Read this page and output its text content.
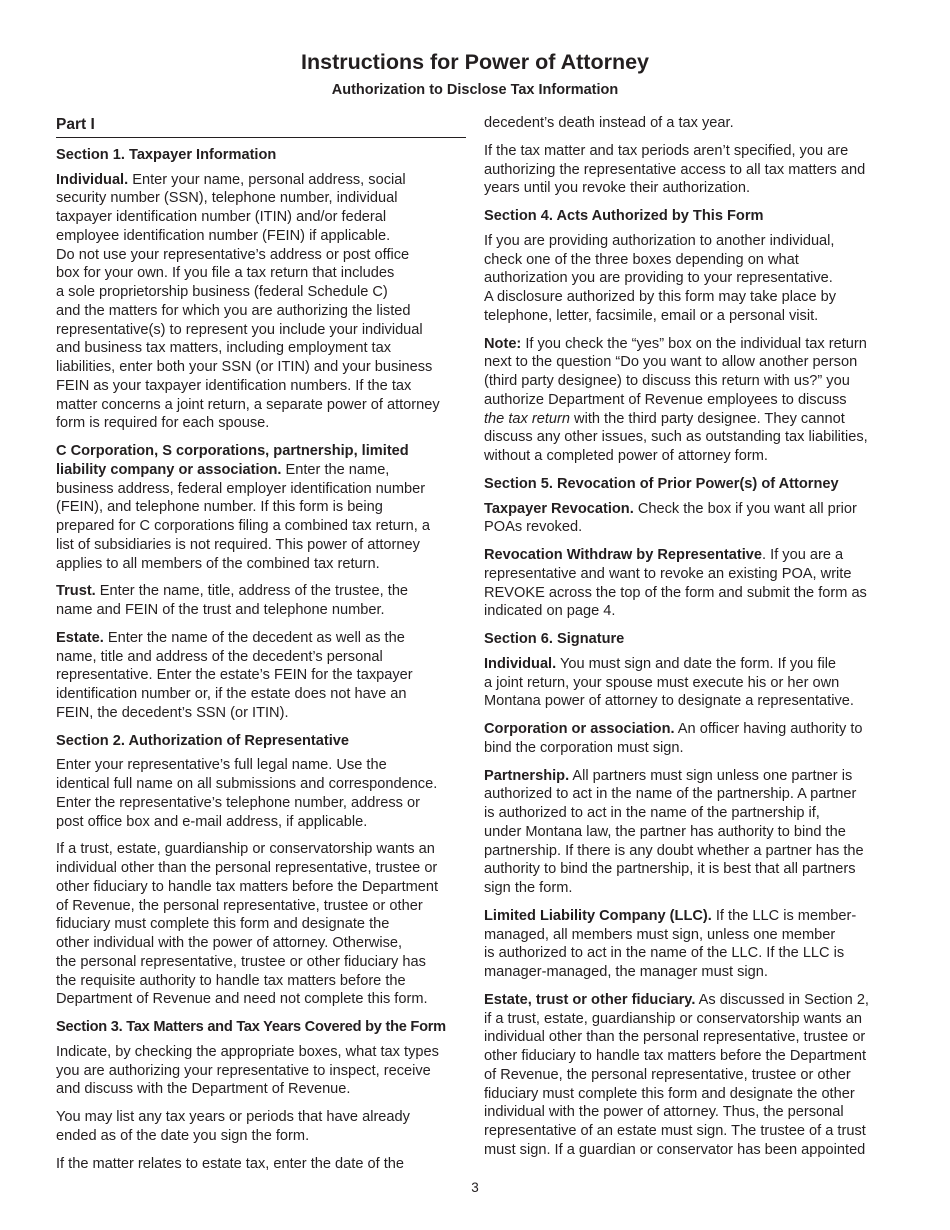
Instructions for Power of Attorney
Authorization to Disclose Tax Information
Part I
Section 1. Taxpayer Information

Individual. Enter your name, personal address, social
security number (SSN), telephone number, individual
taxpayer identification number (ITIN) and/or federal
employee identification number (FEIN) if applicable.
Do not use your representative’s address or post office
box for your own. If you file a tax return that includes
a sole proprietorship business (federal Schedule C)
and the matters for which you are authorizing the listed
representative(s) to represent you include your individual
and business tax matters, including employment tax
liabilities, enter both your SSN (or ITIN) and your business
FEIN as your taxpayer identification numbers. If the tax
matter concerns a joint return, a separate power of attorney
form is required for each spouse.

C Corporation, S corporations, partnership, limited
liability company or association. Enter the name,
business address, federal employer identification number
(FEIN), and telephone number. If this form is being
prepared for C corporations filing a combined tax return, a
list of subsidiaries is not required. This power of attorney
applies to all members of the combined tax return.

Trust. Enter the name, title, address of the trustee, the
name and FEIN of the trust and telephone number.

Estate. Enter the name of the decedent as well as the
name, title and address of the decedent’s personal
representative. Enter the estate’s FEIN for the taxpayer
identification number or, if the estate does not have an
FEIN, the decedent’s SSN (or ITIN).

Section 2. Authorization of Representative

Enter your representative’s full legal name. Use the
identical full name on all submissions and correspondence.
Enter the representative’s telephone number, address or
post office box and e-mail address, if applicable.

If a trust, estate, guardianship or conservatorship wants an
individual other than the personal representative, trustee or
other fiduciary to handle tax matters before the Department
of Revenue, the personal representative, trustee or other
fiduciary must complete this form and designate the
other individual with the power of attorney. Otherwise,
the personal representative, trustee or other fiduciary has
the requisite authority to handle tax matters before the
Department of Revenue and need not complete this form.

Section 3. Tax Matters and Tax Years Covered by the Form

Indicate, by checking the appropriate boxes, what tax types
you are authorizing your representative to inspect, receive
and discuss with the Department of Revenue.

You may list any tax years or periods that have already
ended as of the date you sign the form.

If the matter relates to estate tax, enter the date of the

decedent’s death instead of a tax year.

If the tax matter and tax periods aren’t specified, you are
authorizing the representative access to all tax matters and
years until you revoke their authorization.

Section 4. Acts Authorized by This Form

If you are providing authorization to another individual,
check one of the three boxes depending on what
authorization you are providing to your representative.
A disclosure authorized by this form may take place by
telephone, letter, facsimile, email or a personal visit.

Note: If you check the “yes” box on the individual tax return
next to the question “Do you want to allow another person
(third party designee) to discuss this return with us?” you
authorize Department of Revenue employees to discuss
the tax return with the third party designee. They cannot
discuss any other issues, such as outstanding tax liabilities,
without a completed power of attorney form.

Section 5. Revocation of Prior Power(s) of Attorney

Taxpayer Revocation. Check the box if you want all prior
POAs revoked.

Revocation Withdraw by Representative. If you are a
representative and want to revoke an existing POA, write
REVOKE across the top of the form and submit the form as
indicated on page 4.

Section 6. Signature

Individual. You must sign and date the form. If you file
a joint return, your spouse must execute his or her own
Montana power of attorney to designate a representative.

Corporation or association. An officer having authority to
bind the corporation must sign.

Partnership. All partners must sign unless one partner is
authorized to act in the name of the partnership. A partner
is authorized to act in the name of the partnership if,
under Montana law, the partner has authority to bind the
partnership. If there is any doubt whether a partner has the
authority to bind the partnership, it is best that all partners
sign the form.

Limited Liability Company (LLC). If the LLC is member-
managed, all members must sign, unless one member
is authorized to act in the name of the LLC. If the LLC is
manager-managed, the manager must sign.

Estate, trust or other fiduciary. As discussed in Section 2,
if a trust, estate, guardianship or conservatorship wants an
individual other than the personal representative, trustee or
other fiduciary to handle tax matters before the Department
of Revenue, the personal representative, trustee or other
fiduciary must complete this form and designate the other
individual with the power of attorney. Thus, the personal
representative of an estate must sign. The trustee of a trust
must sign. If a guardian or conservator has been appointed

3
